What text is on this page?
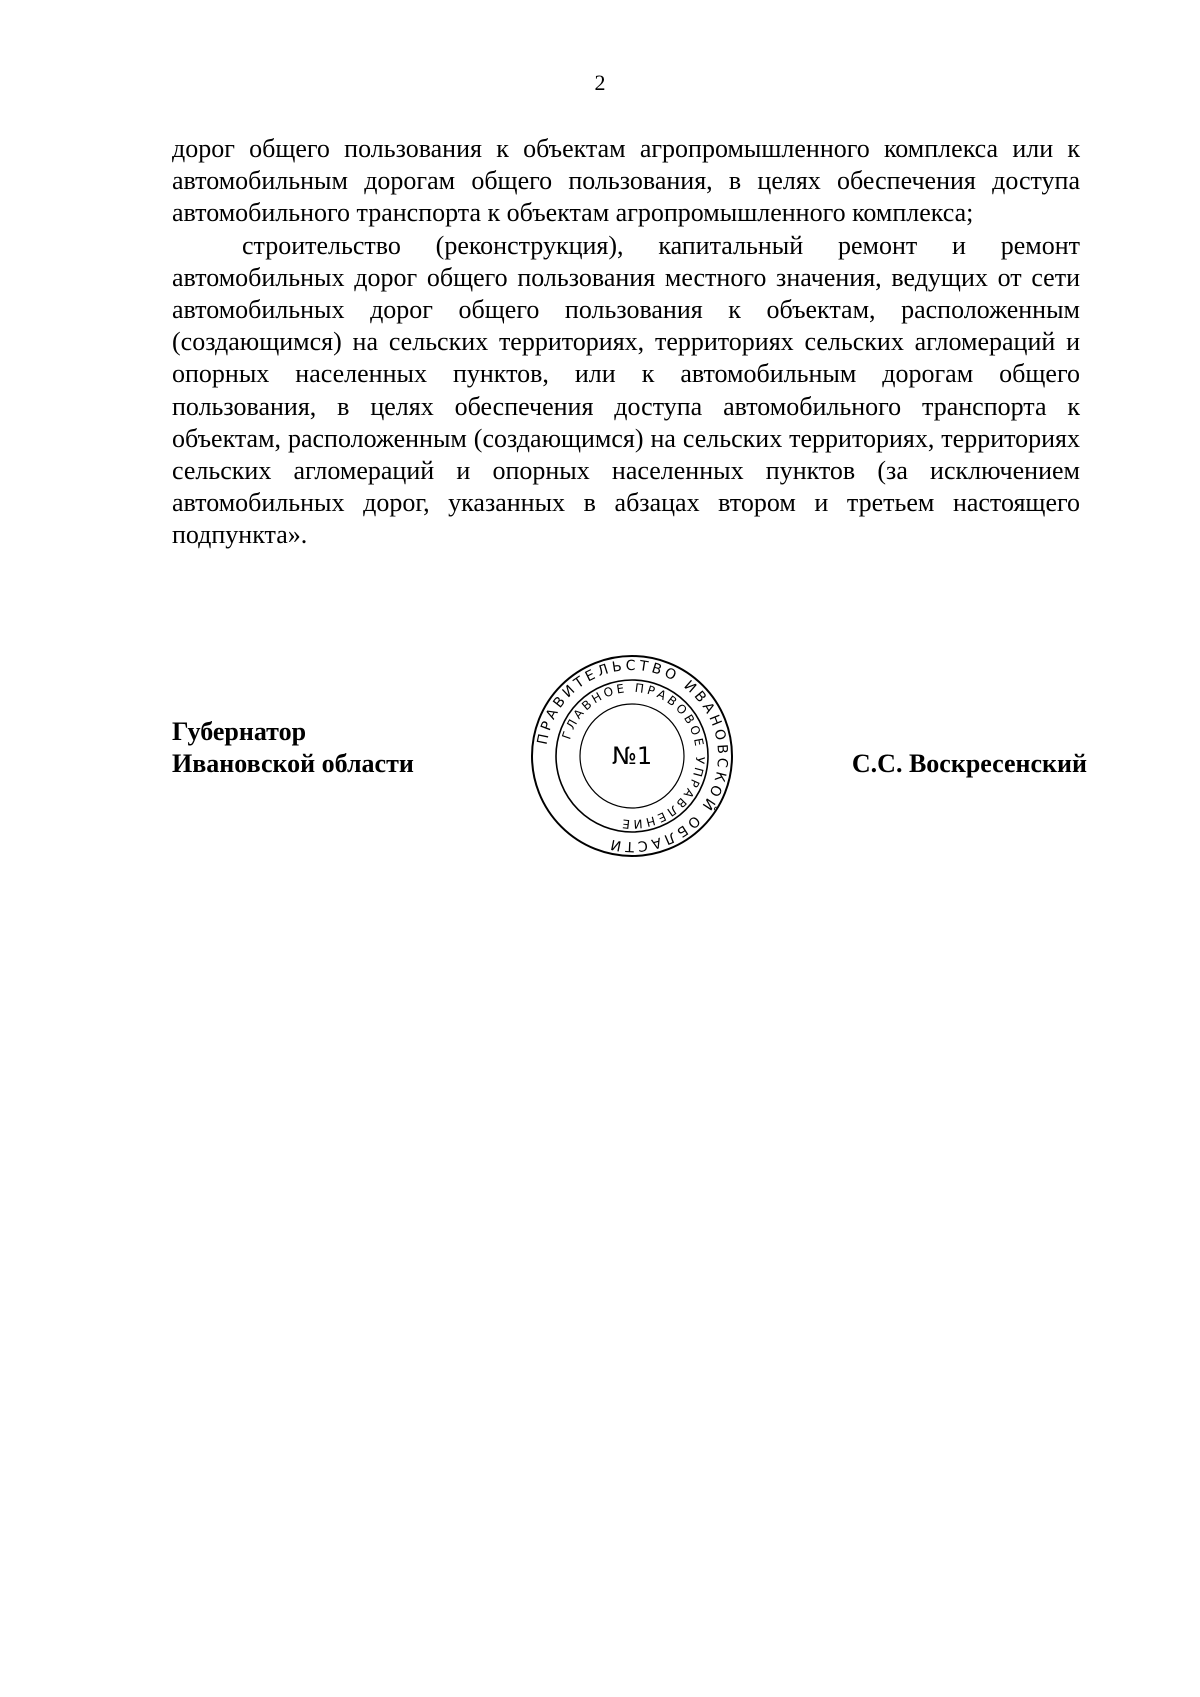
2

дорог общего пользования к объектам агропромышленного комплекса или к автомобильным дорогам общего пользования, в целях обеспечения доступа автомобильного транспорта к объектам агропромышленного комплекса;

строительство (реконструкция), капитальный ремонт и ремонт автомобильных дорог общего пользования местного значения, ведущих от сети автомобильных дорог общего пользования к объектам, расположенным (создающимся) на сельских территориях, территориях сельских агломераций и опорных населенных пунктов, или к автомобильным дорогам общего пользования, в целях обеспечения доступа автомобильного транспорта к объектам, расположенным (создающимся) на сельских территориях, территориях сельских агломераций и опорных населенных пунктов (за исключением автомобильных дорог, указанных в абзацах втором и третьем настоящего подпункта».

Губернатор
Ивановской области	С.С. Воскресенский
ПРАВИТЕЛЬСТВО ИВАНОВСКОЙ ОБЛАСТИ
ГЛАВНОЕ ПРАВОВОЕ УПРАВЛЕНИЕ
№1
